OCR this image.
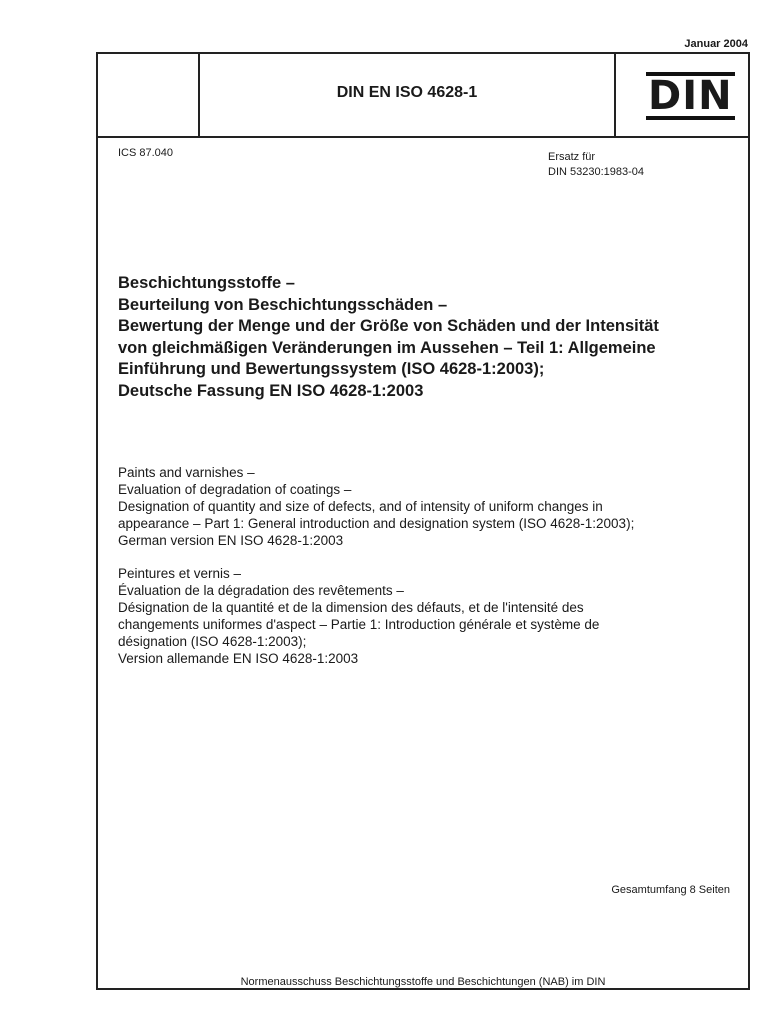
Januar 2004
DIN EN ISO 4628-1	DIN
ICS 87.040	Ersatz für
DIN 53230:1983-04
Beschichtungsstoffe –
Beurteilung von Beschichtungsschäden –
Bewertung der Menge und der Größe von Schäden und der Intensität
von gleichmäßigen Veränderungen im Aussehen – Teil 1: Allgemeine
Einführung und Bewertungssystem (ISO 4628-1:2003);
Deutsche Fassung EN ISO 4628-1:2003
Paints and varnishes –
Evaluation of degradation of coatings –
Designation of quantity and size of defects, and of intensity of uniform changes in
appearance – Part 1: General introduction and designation system (ISO 4628-1:2003);
German version EN ISO 4628-1:2003
Peintures et vernis –
Évaluation de la dégradation des revêtements –
Désignation de la quantité et de la dimension des défauts, et de l'intensité des
changements uniformes d'aspect – Partie 1: Introduction générale et système de
désignation (ISO 4628-1:2003);
Version allemande EN ISO 4628-1:2003
Gesamtumfang 8 Seiten
Normenausschuss Beschichtungsstoffe und Beschichtungen (NAB) im DIN
